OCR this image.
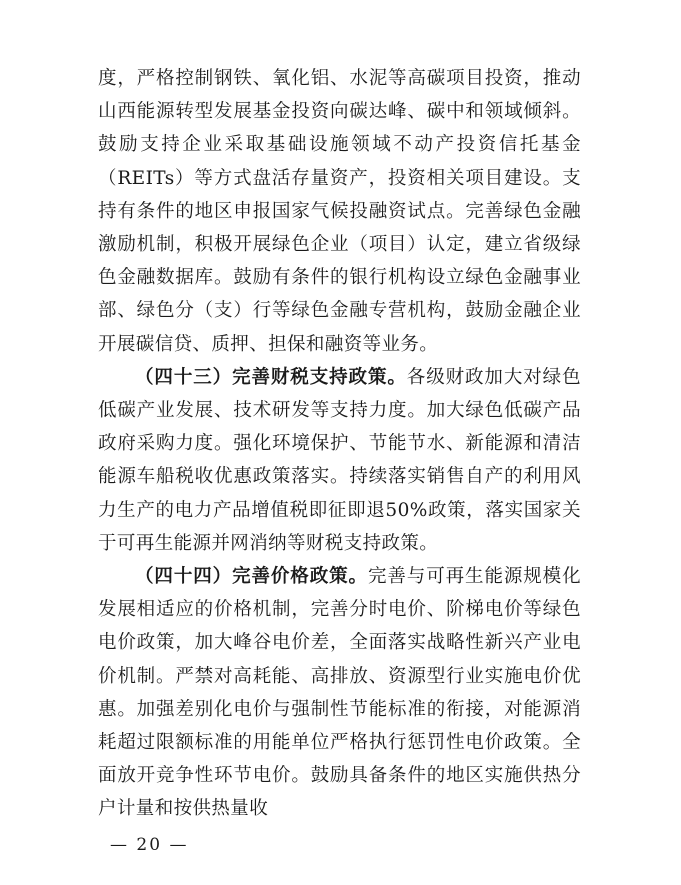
度，严格控制钢铁、氧化铝、水泥等高碳项目投资，推动山西能源转型发展基金投资向碳达峰、碳中和领域倾斜。鼓励支持企业采取基础设施领域不动产投资信托基金（REITs）等方式盘活存量资产，投资相关项目建设。支持有条件的地区申报国家气候投融资试点。完善绿色金融激励机制，积极开展绿色企业（项目）认定，建立省级绿色金融数据库。鼓励有条件的银行机构设立绿色金融事业部、绿色分（支）行等绿色金融专营机构，鼓励金融企业开展碳信贷、质押、担保和融资等业务。

（四十三）完善财税支持政策。各级财政加大对绿色低碳产业发展、技术研发等支持力度。加大绿色低碳产品政府采购力度。强化环境保护、节能节水、新能源和清洁能源车船税收优惠政策落实。持续落实销售自产的利用风力生产的电力产品增值税即征即退50%政策，落实国家关于可再生能源并网消纳等财税支持政策。

（四十四）完善价格政策。完善与可再生能源规模化发展相适应的价格机制，完善分时电价、阶梯电价等绿色电价政策，加大峰谷电价差，全面落实战略性新兴产业电价机制。严禁对高耗能、高排放、资源型行业实施电价优惠。加强差别化电价与强制性节能标准的衔接，对能源消耗超过限额标准的用能单位严格执行惩罚性电价政策。全面放开竞争性环节电价。鼓励具备条件的地区实施供热分户计量和按供热量收

— 20 —
